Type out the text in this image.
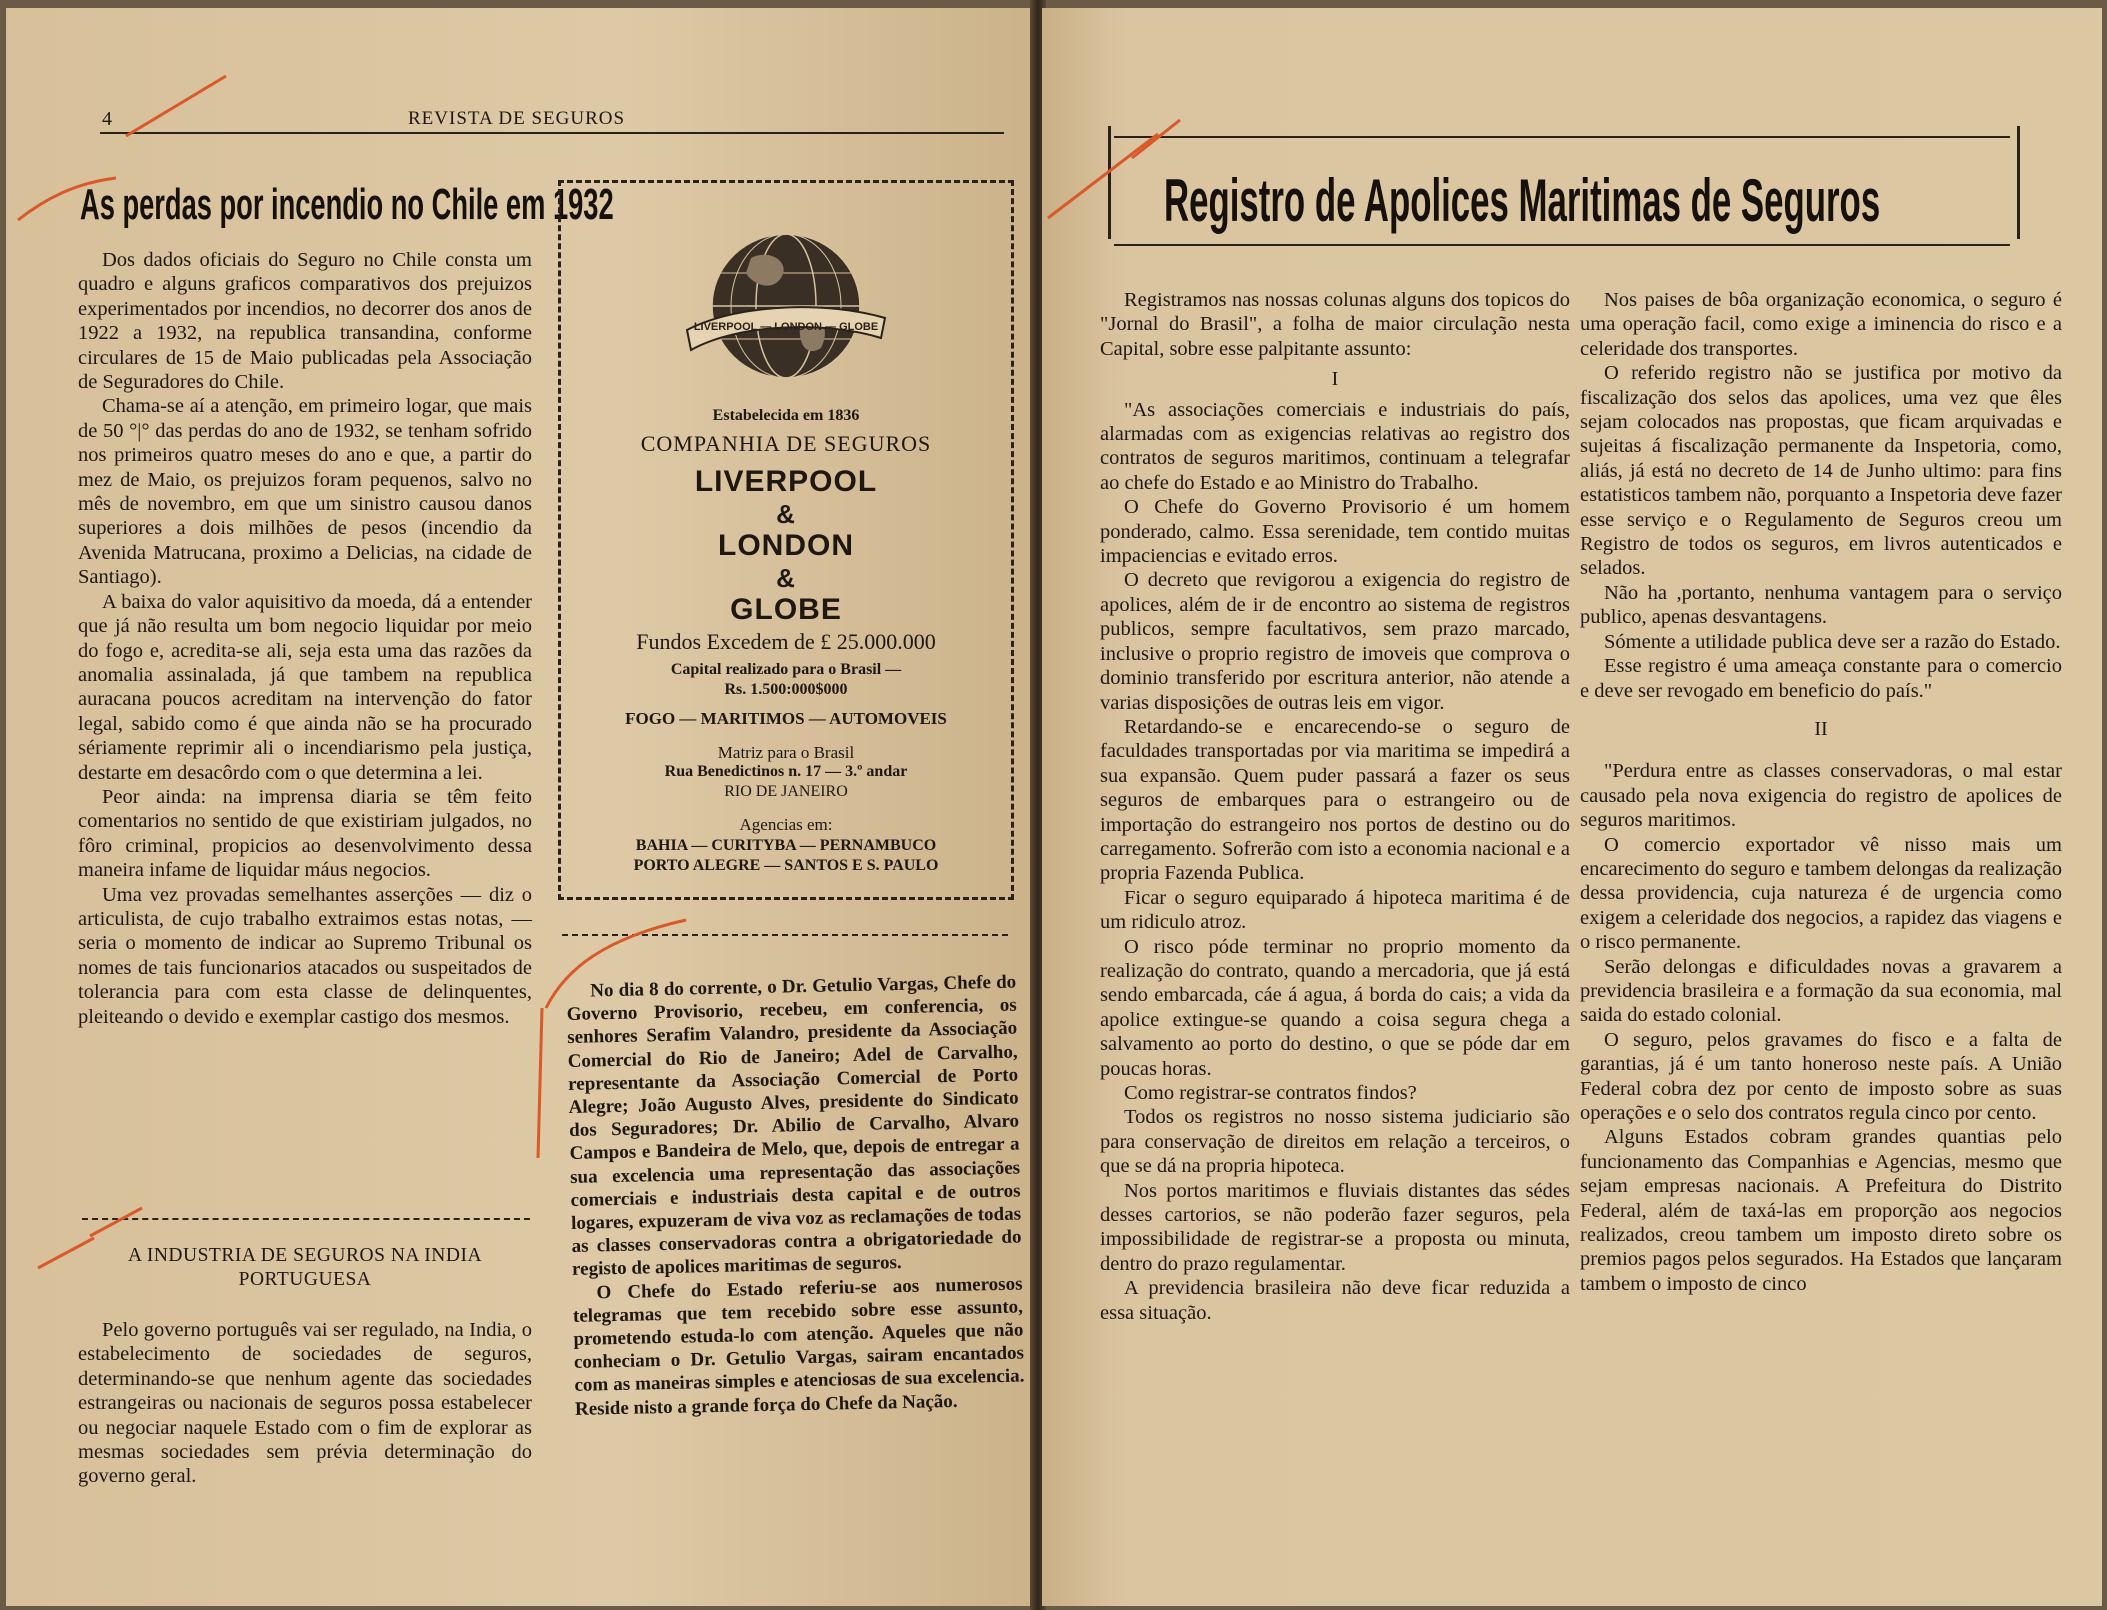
4	REVISTA DE SEGUROS
As perdas por incendio no Chile em 1932

Dos dados oficiais do Seguro no Chile consta um quadro e alguns graficos comparativos dos prejuizos experimentados por incendios, no decorrer dos anos de 1922 a 1932, na republica transandina, conforme circulares de 15 de Maio publicadas pela Associação de Seguradores do Chile.

Chama-se aí a atenção, em primeiro logar, que mais de 50 °|° das perdas do ano de 1932, se tenham sofrido nos primeiros quatro meses do ano e que, a partir do mez de Maio, os prejuizos foram pequenos, salvo no mês de novembro, em que um sinistro causou danos superiores a dois milhões de pesos (incendio da Avenida Matrucana, proximo a Delicias, na cidade de Santiago).

A baixa do valor aquisitivo da moeda, dá a entender que já não resulta um bom negocio liquidar por meio do fogo e, acredita-se ali, seja esta uma das razões da anomalia assinalada, já que tambem na republica auracana poucos acreditam na intervenção do fator legal, sabido como é que ainda não se ha procurado sériamente reprimir ali o incendiarismo pela justiça, destarte em desacôrdo com o que determina a lei.

Peor ainda: na imprensa diaria se têm feito comentarios no sentido de que existiriam julgados, no fôro criminal, propicios ao desenvolvimento dessa maneira infame de liquidar máus negocios.

Uma vez provadas semelhantes asserções — diz o articulista, de cujo trabalho extraimos estas notas, — seria o momento de indicar ao Supremo Tribunal os nomes de tais funcionarios atacados ou suspeitados de tolerancia para com esta classe de delinquentes, pleiteando o devido e exemplar castigo dos mesmos.

A INDUSTRIA DE SEGUROS NA INDIA
PORTUGUESA

Pelo governo português vai ser regulado, na India, o estabelecimento de sociedades de seguros, determinando-se que nenhum agente das sociedades estrangeiras ou nacionais de seguros possa estabelecer ou negociar naquele Estado com o fim de explorar as mesmas sociedades sem prévia determinação do governo geral.

LIVERPOOL — LONDON — GLOBE
Estabelecida em 1836
COMPANHIA DE SEGUROS
LIVERPOOL
&
LONDON
&
GLOBE
Fundos Excedem de £ 25.000.000
Capital realizado para o Brasil —
Rs. 1.500:000$000
FOGO — MARITIMOS — AUTOMOVEIS
Matriz para o Brasil
Rua Benedictinos n. 17 — 3.º andar
RIO DE JANEIRO
Agencias em:
BAHIA — CURITYBA — PERNAMBUCO
PORTO ALEGRE — SANTOS E S. PAULO

No dia 8 do corrente, o Dr. Getulio Vargas, Chefe do Governo Provisorio, recebeu, em conferencia, os senhores Serafim Valandro, presidente da Associação Comercial do Rio de Janeiro; Adel de Carvalho, representante da Associação Comercial de Porto Alegre; João Augusto Alves, presidente do Sindicato dos Seguradores; Dr. Abilio de Carvalho, Alvaro Campos e Bandeira de Melo, que, depois de entregar a sua excelencia uma representação das associações comerciais e industriais desta capital e de outros logares, expuzeram de viva voz as reclamações de todas as classes conservadoras contra a obrigatoriedade do registo de apolices maritimas de seguros.

O Chefe do Estado referiu-se aos numerosos telegramas que tem recebido sobre esse assunto, prometendo estuda-lo com atenção. Aqueles que não conheciam o Dr. Getulio Vargas, sairam encantados com as maneiras simples e atenciosas de sua excelencia. Reside nisto a grande força do Chefe da Nação.

Registro de Apolices Maritimas de Seguros

Registramos nas nossas colunas alguns dos topicos do "Jornal do Brasil", a folha de maior circulação nesta Capital, sobre esse palpitante assunto:

I

"As associações comerciais e industriais do país, alarmadas com as exigencias relativas ao registro dos contratos de seguros maritimos, continuam a telegrafar ao chefe do Estado e ao Ministro do Trabalho.

O Chefe do Governo Provisorio é um homem ponderado, calmo. Essa serenidade, tem contido muitas impaciencias e evitado erros.

O decreto que revigorou a exigencia do registro de apolices, além de ir de encontro ao sistema de registros publicos, sempre facultativos, sem prazo marcado, inclusive o proprio registro de imoveis que comprova o dominio transferido por escritura anterior, não atende a varias disposições de outras leis em vigor.

Retardando-se e encarecendo-se o seguro de faculdades transportadas por via maritima se impedirá a sua expansão. Quem puder passará a fazer os seus seguros de embarques para o estrangeiro ou de importação do estrangeiro nos portos de destino ou do carregamento. Sofrerão com isto a economia nacional e a propria Fazenda Publica.

Ficar o seguro equiparado á hipoteca maritima é de um ridiculo atroz.

O risco póde terminar no proprio momento da realização do contrato, quando a mercadoria, que já está sendo embarcada, cáe á agua, á borda do cais; a vida da apolice extingue-se quando a coisa segura chega a salvamento ao porto do destino, o que se póde dar em poucas horas.

Como registrar-se contratos findos?

Todos os registros no nosso sistema judiciario são para conservação de direitos em relação a terceiros, o que se dá na propria hipoteca.

Nos portos maritimos e fluviais distantes das sédes desses cartorios, se não poderão fazer seguros, pela impossibilidade de registrar-se a proposta ou minuta, dentro do prazo regulamentar.

A previdencia brasileira não deve ficar reduzida a essa situação.

Nos paises de bôa organização economica, o seguro é uma operação facil, como exige a iminencia do risco e a celeridade dos transportes.

O referido registro não se justifica por motivo da fiscalização dos selos das apolices, uma vez que êles sejam colocados nas propostas, que ficam arquivadas e sujeitas á fiscalização permanente da Inspetoria, como, aliás, já está no decreto de 14 de Junho ultimo: para fins estatisticos tambem não, porquanto a Inspetoria deve fazer esse serviço e o Regulamento de Seguros creou um Registro de todos os seguros, em livros autenticados e selados.

Não ha ,portanto, nenhuma vantagem para o serviço publico, apenas desvantagens.

Sómente a utilidade publica deve ser a razão do Estado.

Esse registro é uma ameaça constante para o comercio e deve ser revogado em beneficio do país."

II

"Perdura entre as classes conservadoras, o mal estar causado pela nova exigencia do registro de apolices de seguros maritimos.

O comercio exportador vê nisso mais um encarecimento do seguro e tambem delongas da realização dessa providencia, cuja natureza é de urgencia como exigem a celeridade dos negocios, a rapidez das viagens e o risco permanente.

Serão delongas e dificuldades novas a gravarem a previdencia brasileira e a formação da sua economia, mal saida do estado colonial.

O seguro, pelos gravames do fisco e a falta de garantias, já é um tanto honeroso neste país. A União Federal cobra dez por cento de imposto sobre as suas operações e o selo dos contratos regula cinco por cento.

Alguns Estados cobram grandes quantias pelo funcionamento das Companhias e Agencias, mesmo que sejam empresas nacionais. A Prefeitura do Distrito Federal, além de taxá-las em proporção aos negocios realizados, creou tambem um imposto direto sobre os premios pagos pelos segurados. Ha Estados que lançaram tambem o imposto de cinco
